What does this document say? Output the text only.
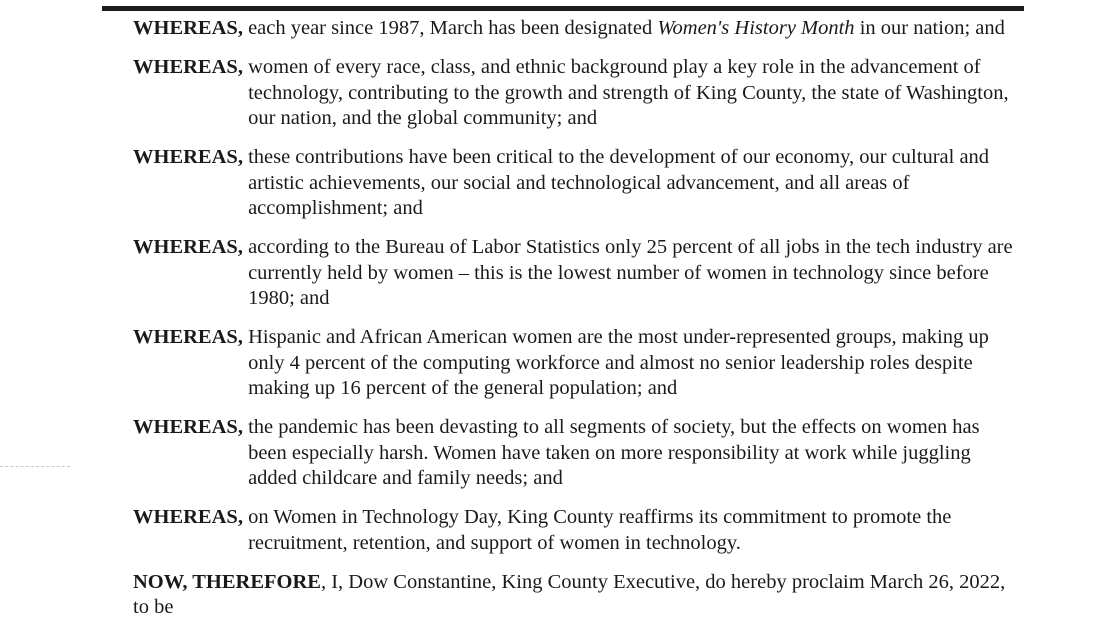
WHEREAS, each year since 1987, March has been designated Women's History Month in our nation; and
WHEREAS, women of every race, class, and ethnic background play a key role in the advancement of technology, contributing to the growth and strength of King County, the state of Washington, our nation, and the global community; and
WHEREAS, these contributions have been critical to the development of our economy, our cultural and artistic achievements, our social and technological advancement, and all areas of accomplishment; and
WHEREAS, according to the Bureau of Labor Statistics only 25 percent of all jobs in the tech industry are currently held by women – this is the lowest number of women in technology since before 1980; and
WHEREAS, Hispanic and African American women are the most under-represented groups, making up only 4 percent of the computing workforce and almost no senior leadership roles despite making up 16 percent of the general population; and
WHEREAS, the pandemic has been devasting to all segments of society, but the effects on women has been especially harsh. Women have taken on more responsibility at work while juggling added childcare and family needs; and
WHEREAS, on Women in Technology Day, King County reaffirms its commitment to promote the recruitment, retention, and support of women in technology.
NOW, THEREFORE, I, Dow Constantine, King County Executive, do hereby proclaim March 26, 2022, to be
